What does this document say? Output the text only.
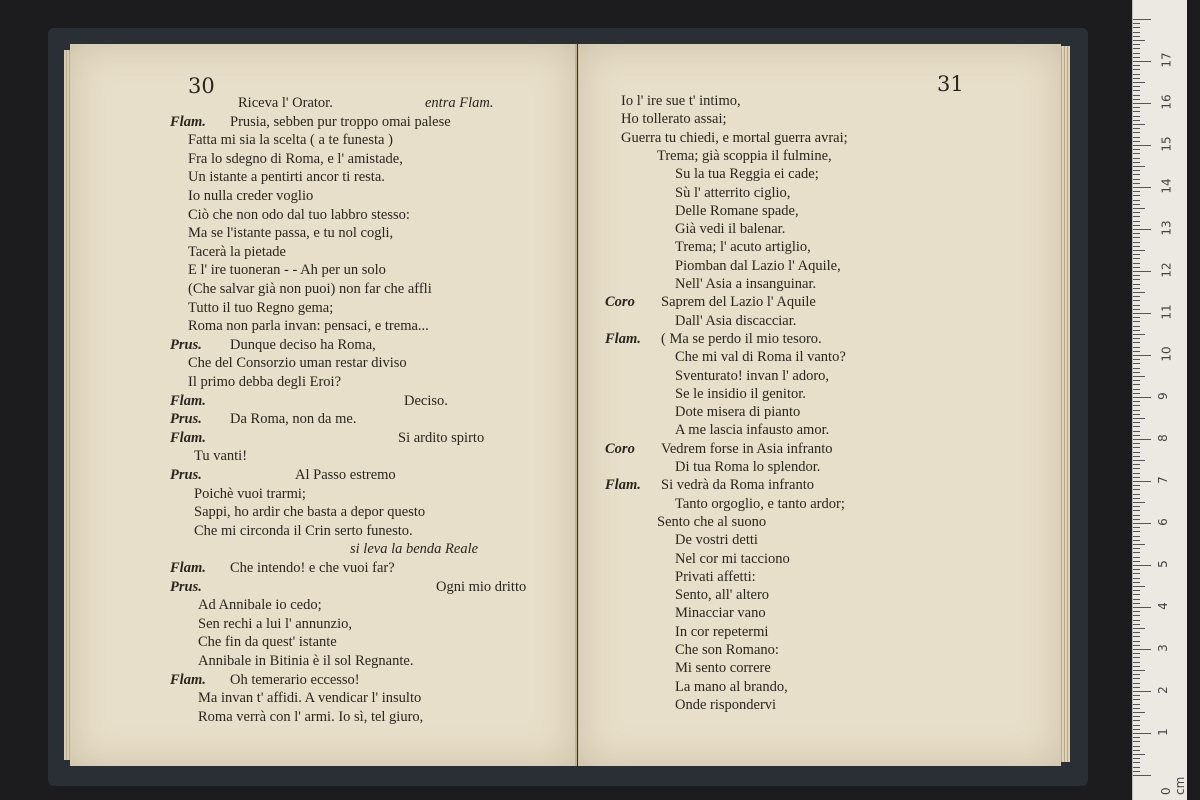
30
Riceva l' Orator.	entra Flam.
Flam. Prusia, sebben pur troppo omai palese
Fatta mi sia la scelta ( a te funesta )
Fra lo sdegno di Roma, e l' amistade,
Un istante a pentirti ancor ti resta.
Io nulla creder voglio
Ciò che non odo dal tuo labbro stesso:
Ma se l'istante passa, e tu nol cogli,
Tacerà la pietade
E l' ire tuoneran - - Ah per un solo
(Che salvar già non puoi) non far che affli
Tutto il tuo Regno gema;
Roma non parla invan: pensaci, e trema...
Prus. Dunque deciso ha Roma,
Che del Consorzio uman restar diviso
Il primo debba degli Eroi?
Flam.	Deciso.
Prus. Da Roma, non da me.
Flam.	Si ardito spirto
Tu vanti!
Prus.	Al Passo estremo
Poichè vuoi trarmi;
Sappi, ho ardir che basta a depor questo
Che mi circonda il Crin serto funesto.
si leva la benda Reale
Flam. Che intendo! e che vuoi far?
Prus.	Ogni mio dritto
Ad Annibale io cedo;
Sen rechi a lui l' annunzio,
Che fin da quest' istante
Annibale in Bitinia è il sol Regnante.
Flam. Oh temerario eccesso!
Ma invan t' affidi. A vendicar l' insulto
Roma verrà con l' armi. Io sì, tel giuro,
31
Io l' ire sue t' intimo,
Ho tollerato assai;
Guerra tu chiedi, e mortal guerra avrai;
Trema; già scoppia il fulmine,
Su la tua Reggia ei cade;
Sù l' atterrito ciglio,
Delle Romane spade,
Già vedi il balenar.
Trema; l' acuto artiglio,
Piomban dal Lazio l' Aquile,
Nell' Asia a insanguinar.
Coro Saprem del Lazio l' Aquile
Dall' Asia discacciar.
Flam. ( Ma se perdo il mio tesoro.
Che mi val di Roma il vanto?
Sventurato! invan l' adoro,
Se le insidio il genitor.
Dote misera di pianto
A me lascia infausto amor.
Coro Vedrem forse in Asia infranto
Di tua Roma lo splendor.
Flam. Si vedrà da Roma infranto
Tanto orgoglio, e tanto ardor;
Sento che al suono
De vostri detti
Nel cor mi tacciono
Privati affetti:
Sento, all' altero
Minacciar vano
In cor repetermi
Che son Romano:
Mi sento correre
La mano al brando,
Onde rispondervi
0 cm
1
2
3
4
5
6
7
8
9
10
11
12
13
14
15
16
17
